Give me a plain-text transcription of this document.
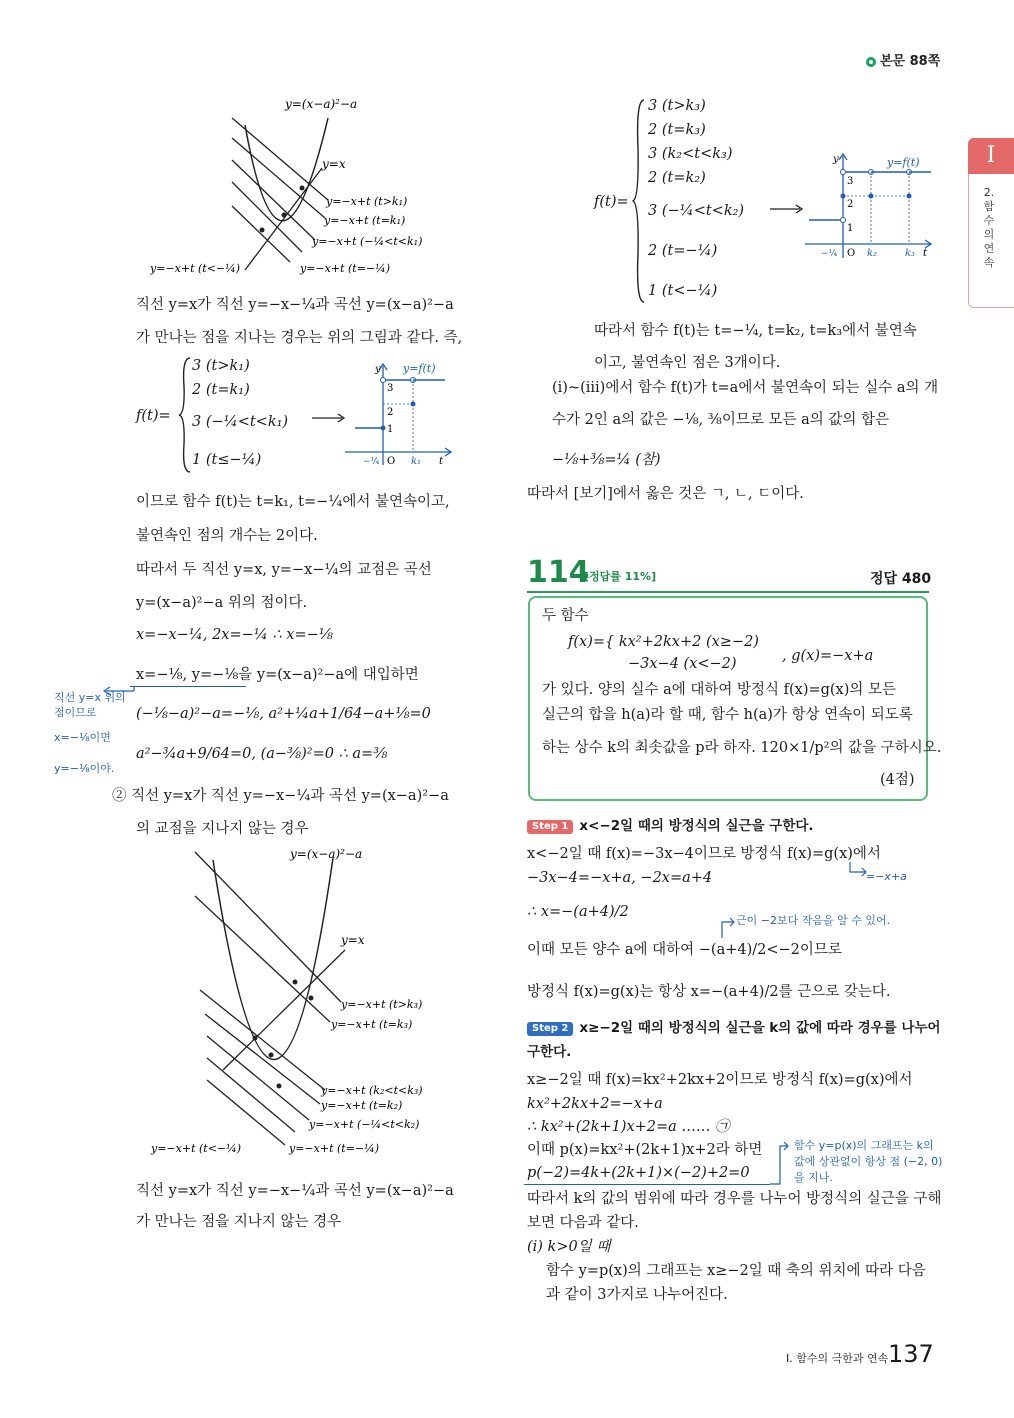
본문 88쪽
I
2.
함
수
의
연
속
y=(x−a)²−a
y=x
y=−x+t (t>k₁)
y=−x+t (t=k₁)
y=−x+t (−¼<t<k₁)
y=−x+t (t<−¼)	y=−x+t (t=−¼)
직선 y=x가 직선 y=−x−¼과 곡선 y=(x−a)²−a
가 만나는 점을 지나는 경우는 위의 그림과 같다. 즉,
f(t)=
3 (t>k₁)
2 (t=k₁)
3 (−¼<t<k₁)
1 (t≤−¼)
y y=f(t)
3
2
1
O
−¼	k₁ t
이므로 함수 f(t)는 t=k₁, t=−¼에서 불연속이고,
불연속인 점의 개수는 2이다.
따라서 두 직선 y=x, y=−x−¼의 교점은 곡선
y=(x−a)²−a 위의 점이다.
x=−x−¼, 2x=−¼ ∴ x=−⅛
x=−⅛, y=−⅛을 y=(x−a)²−a에 대입하면
(−⅛−a)²−a=−⅛, a²+¼a+1/64−a+⅛=0
a²−¾a+9/64=0, (a−⅜)²=0 ∴ a=⅜
직선 y=x 위의
점이므로
x=−⅛이면
y=−⅛이야.
② 직선 y=x가 직선 y=−x−¼과 곡선 y=(x−a)²−a
의 교점을 지나지 않는 경우
y=(x−a)²−a
y=x
y=−x+t (t>k₃)
y=−x+t (t=k₃)
y=−x+t (k₂<t<k₃)
y=−x+t (t=k₂)
y=−x+t (−¼<t<k₂)
y=−x+t (t<−¼)	y=−x+t (t=−¼)
직선 y=x가 직선 y=−x−¼과 곡선 y=(x−a)²−a
가 만나는 점을 지나지 않는 경우
f(t)=
3 (t>k₃)
2 (t=k₃)
3 (k₂<t<k₃)
2 (t=k₂)
3 (−¼<t<k₂)
2 (t=−¼)
1 (t<−¼)
y	y=f(t)
3
2
1
O
−¼	k₂	k₃ t
따라서 함수 f(t)는 t=−¼, t=k₂, t=k₃에서 불연속
이고, 불연속인 점은 3개이다.
(i)~(iii)에서 함수 f(t)가 t=a에서 불연속이 되는 실수 a의 개
수가 2인 a의 값은 −⅛, ⅜이므로 모든 a의 값의 합은
−⅛+⅜=¼ (참)
따라서 [보기]에서 옳은 것은 ㄱ, ㄴ, ㄷ이다.
114
[정답률 11%]	정답 480
두 함수
f(x)={ kx²+2kx+2 (x≥−2)
−3x−4 (x<−2)	, g(x)=−x+a
가 있다. 양의 실수 a에 대하여 방정식 f(x)=g(x)의 모든
실근의 합을 h(a)라 할 때, 함수 h(a)가 항상 연속이 되도록
하는 상수 k의 최솟값을 p라 하자. 120×1/p²의 값을 구하시오.
(4점)
Step 1 x<−2일 때의 방정식의 실근을 구한다.
x<−2일 때 f(x)=−3x−4이므로 방정식 f(x)=g(x)에서
=−x+a
−3x−4=−x+a, −2x=a+4
∴ x=−(a+4)/2
근이 −2보다 작음을 알 수 있어.
이때 모든 양수 a에 대하여 −(a+4)/2<−2이므로
방정식 f(x)=g(x)는 항상 x=−(a+4)/2를 근으로 갖는다.
Step 2 x≥−2일 때의 방정식의 실근을 k의 값에 따라 경우를 나누어
구한다.
x≥−2일 때 f(x)=kx²+2kx+2이므로 방정식 f(x)=g(x)에서
kx²+2kx+2=−x+a
∴ kx²+(2k+1)x+2=a …… ㉠
이때 p(x)=kx²+(2k+1)x+2라 하면
p(−2)=4k+(2k+1)×(−2)+2=0
함수 y=p(x)의 그래프는 k의
값에 상관없이 항상 점 (−2, 0)
을 지나.
따라서 k의 값의 범위에 따라 경우를 나누어 방정식의 실근을 구해
보면 다음과 같다.
(i) k>0일 때
함수 y=p(x)의 그래프는 x≥−2일 때 축의 위치에 따라 다음
과 같이 3가지로 나누어진다.
Ⅰ. 함수의 극한과 연속 137
